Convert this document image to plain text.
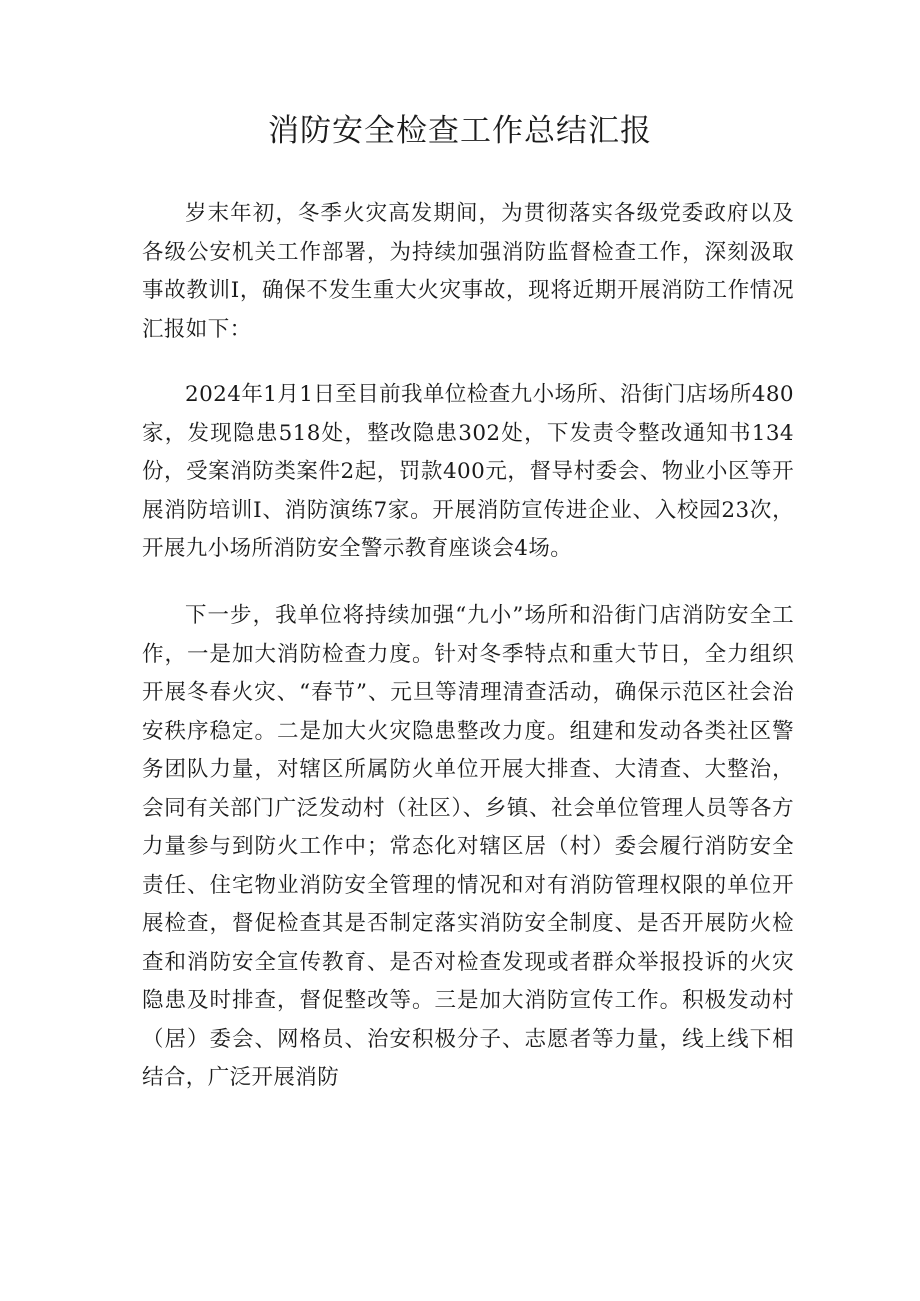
消防安全检查工作总结汇报

岁末年初，冬季火灾高发期间，为贯彻落实各级党委政府以及各级公安机关工作部署，为持续加强消防监督检查工作，深刻汲取事故教训I，确保不发生重大火灾事故，现将近期开展消防工作情况汇报如下：

2024年1月1日至目前我单位检查九小场所、沿街门店场所480家，发现隐患518处，整改隐患302处，下发责令整改通知书134份，受案消防类案件2起，罚款400元，督导村委会、物业小区等开展消防培训I、消防演练7家。开展消防宣传进企业、入校园23次，开展九小场所消防安全警示教育座谈会4场。

下一步，我单位将持续加强“九小”场所和沿街门店消防安全工作，一是加大消防检查力度。针对冬季特点和重大节日，全力组织开展冬春火灾、“春节”、元旦等清理清查活动，确保示范区社会治安秩序稳定。二是加大火灾隐患整改力度。组建和发动各类社区警务团队力量，对辖区所属防火单位开展大排查、大清查、大整治，会同有关部门广泛发动村（社区）、乡镇、社会单位管理人员等各方力量参与到防火工作中；常态化对辖区居（村）委会履行消防安全责任、住宅物业消防安全管理的情况和对有消防管理权限的单位开展检查，督促检查其是否制定落实消防安全制度、是否开展防火检查和消防安全宣传教育、是否对检查发现或者群众举报投诉的火灾隐患及时排查，督促整改等。三是加大消防宣传工作。积极发动村（居）委会、网格员、治安积极分子、志愿者等力量，线上线下相结合，广泛开展消防
